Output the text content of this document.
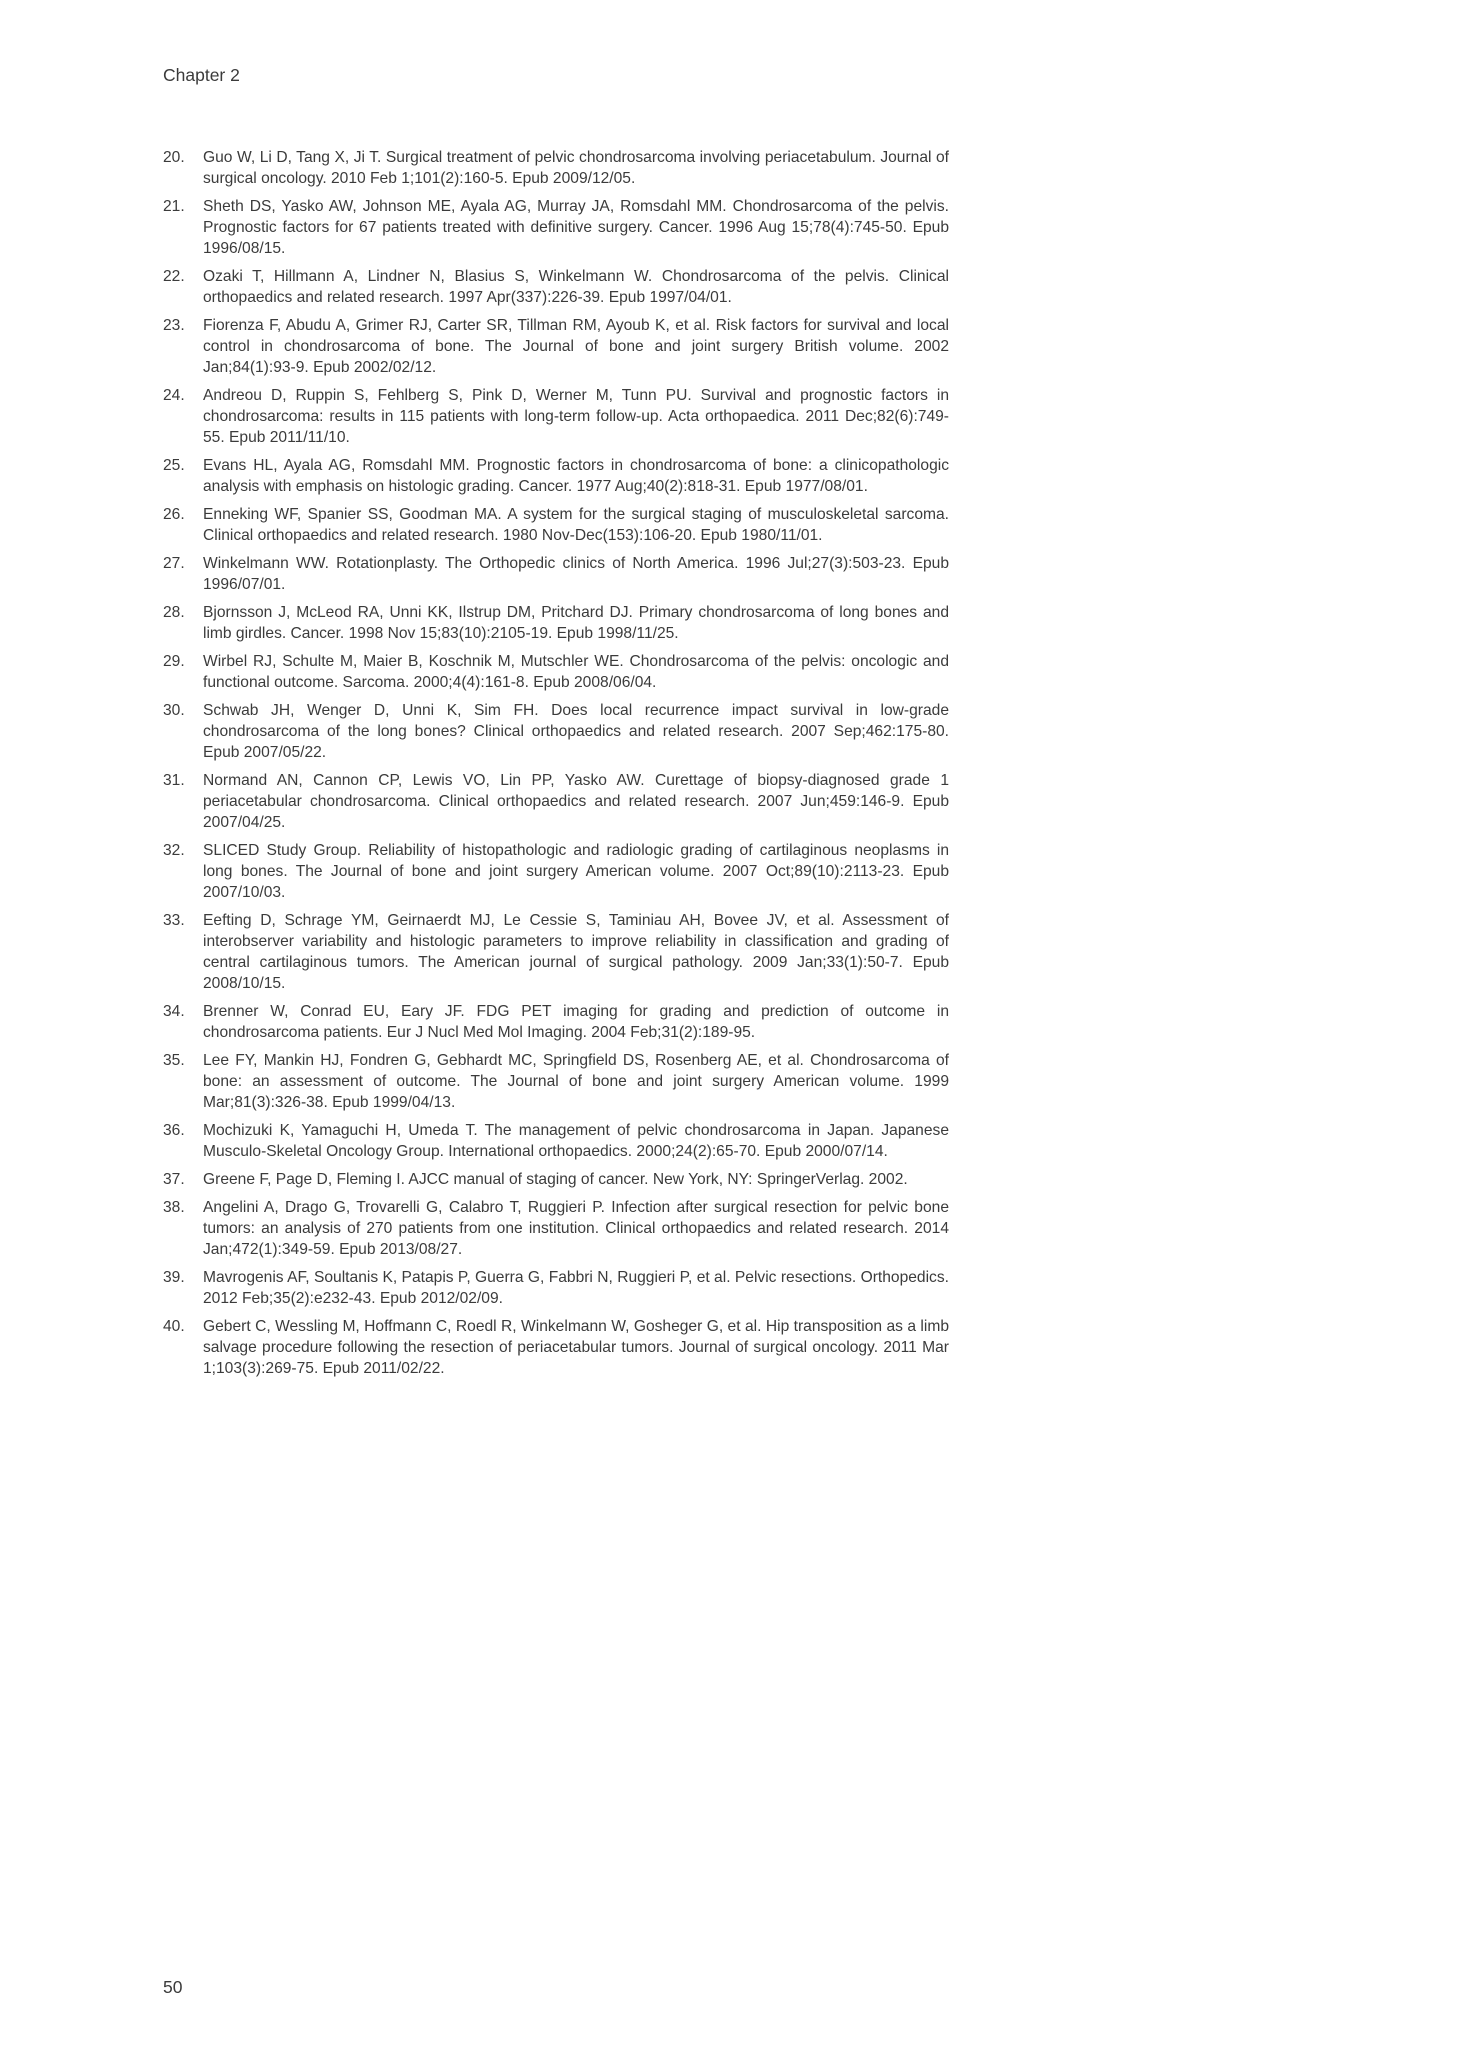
Chapter 2
20.	Guo W, Li D, Tang X, Ji T. Surgical treatment of pelvic chondrosarcoma involving periacetabulum. Journal of surgical oncology. 2010 Feb 1;101(2):160-5. Epub 2009/12/05.
21.	Sheth DS, Yasko AW, Johnson ME, Ayala AG, Murray JA, Romsdahl MM. Chondrosarcoma of the pelvis. Prognostic factors for 67 patients treated with definitive surgery. Cancer. 1996 Aug 15;78(4):745-50. Epub 1996/08/15.
22.	Ozaki T, Hillmann A, Lindner N, Blasius S, Winkelmann W. Chondrosarcoma of the pelvis. Clinical orthopaedics and related research. 1997 Apr(337):226-39. Epub 1997/04/01.
23.	Fiorenza F, Abudu A, Grimer RJ, Carter SR, Tillman RM, Ayoub K, et al. Risk factors for survival and local control in chondrosarcoma of bone. The Journal of bone and joint surgery British volume. 2002 Jan;84(1):93-9. Epub 2002/02/12.
24.	Andreou D, Ruppin S, Fehlberg S, Pink D, Werner M, Tunn PU. Survival and prognostic factors in chondrosarcoma: results in 115 patients with long-term follow-up. Acta orthopaedica. 2011 Dec;82(6):749-55. Epub 2011/11/10.
25.	Evans HL, Ayala AG, Romsdahl MM. Prognostic factors in chondrosarcoma of bone: a clinicopathologic analysis with emphasis on histologic grading. Cancer. 1977 Aug;40(2):818-31. Epub 1977/08/01.
26.	Enneking WF, Spanier SS, Goodman MA. A system for the surgical staging of musculoskeletal sarcoma. Clinical orthopaedics and related research. 1980 Nov-Dec(153):106-20. Epub 1980/11/01.
27.	Winkelmann WW. Rotationplasty. The Orthopedic clinics of North America. 1996 Jul;27(3):503-23. Epub 1996/07/01.
28.	Bjornsson J, McLeod RA, Unni KK, Ilstrup DM, Pritchard DJ. Primary chondrosarcoma of long bones and limb girdles. Cancer. 1998 Nov 15;83(10):2105-19. Epub 1998/11/25.
29.	Wirbel RJ, Schulte M, Maier B, Koschnik M, Mutschler WE. Chondrosarcoma of the pelvis: oncologic and functional outcome. Sarcoma. 2000;4(4):161-8. Epub 2008/06/04.
30.	Schwab JH, Wenger D, Unni K, Sim FH. Does local recurrence impact survival in low-grade chondrosarcoma of the long bones? Clinical orthopaedics and related research. 2007 Sep;462:175-80. Epub 2007/05/22.
31.	Normand AN, Cannon CP, Lewis VO, Lin PP, Yasko AW. Curettage of biopsy-diagnosed grade 1 periacetabular chondrosarcoma. Clinical orthopaedics and related research. 2007 Jun;459:146-9. Epub 2007/04/25.
32.	SLICED Study Group. Reliability of histopathologic and radiologic grading of cartilaginous neoplasms in long bones. The Journal of bone and joint surgery American volume. 2007 Oct;89(10):2113-23. Epub 2007/10/03.
33.	Eefting D, Schrage YM, Geirnaerdt MJ, Le Cessie S, Taminiau AH, Bovee JV, et al. Assessment of interobserver variability and histologic parameters to improve reliability in classification and grading of central cartilaginous tumors. The American journal of surgical pathology. 2009 Jan;33(1):50-7. Epub 2008/10/15.
34.	Brenner W, Conrad EU, Eary JF. FDG PET imaging for grading and prediction of outcome in chondrosarcoma patients. Eur J Nucl Med Mol Imaging. 2004 Feb;31(2):189-95.
35.	Lee FY, Mankin HJ, Fondren G, Gebhardt MC, Springfield DS, Rosenberg AE, et al. Chondrosarcoma of bone: an assessment of outcome. The Journal of bone and joint surgery American volume. 1999 Mar;81(3):326-38. Epub 1999/04/13.
36.	Mochizuki K, Yamaguchi H, Umeda T. The management of pelvic chondrosarcoma in Japan. Japanese Musculo-Skeletal Oncology Group. International orthopaedics. 2000;24(2):65-70. Epub 2000/07/14.
37.	Greene F, Page D, Fleming I. AJCC manual of staging of cancer. New York, NY: SpringerVerlag. 2002.
38.	Angelini A, Drago G, Trovarelli G, Calabro T, Ruggieri P. Infection after surgical resection for pelvic bone tumors: an analysis of 270 patients from one institution. Clinical orthopaedics and related research. 2014 Jan;472(1):349-59. Epub 2013/08/27.
39.	Mavrogenis AF, Soultanis K, Patapis P, Guerra G, Fabbri N, Ruggieri P, et al. Pelvic resections. Orthopedics. 2012 Feb;35(2):e232-43. Epub 2012/02/09.
40.	Gebert C, Wessling M, Hoffmann C, Roedl R, Winkelmann W, Gosheger G, et al. Hip transposition as a limb salvage procedure following the resection of periacetabular tumors. Journal of surgical oncology. 2011 Mar 1;103(3):269-75. Epub 2011/02/22.
50
